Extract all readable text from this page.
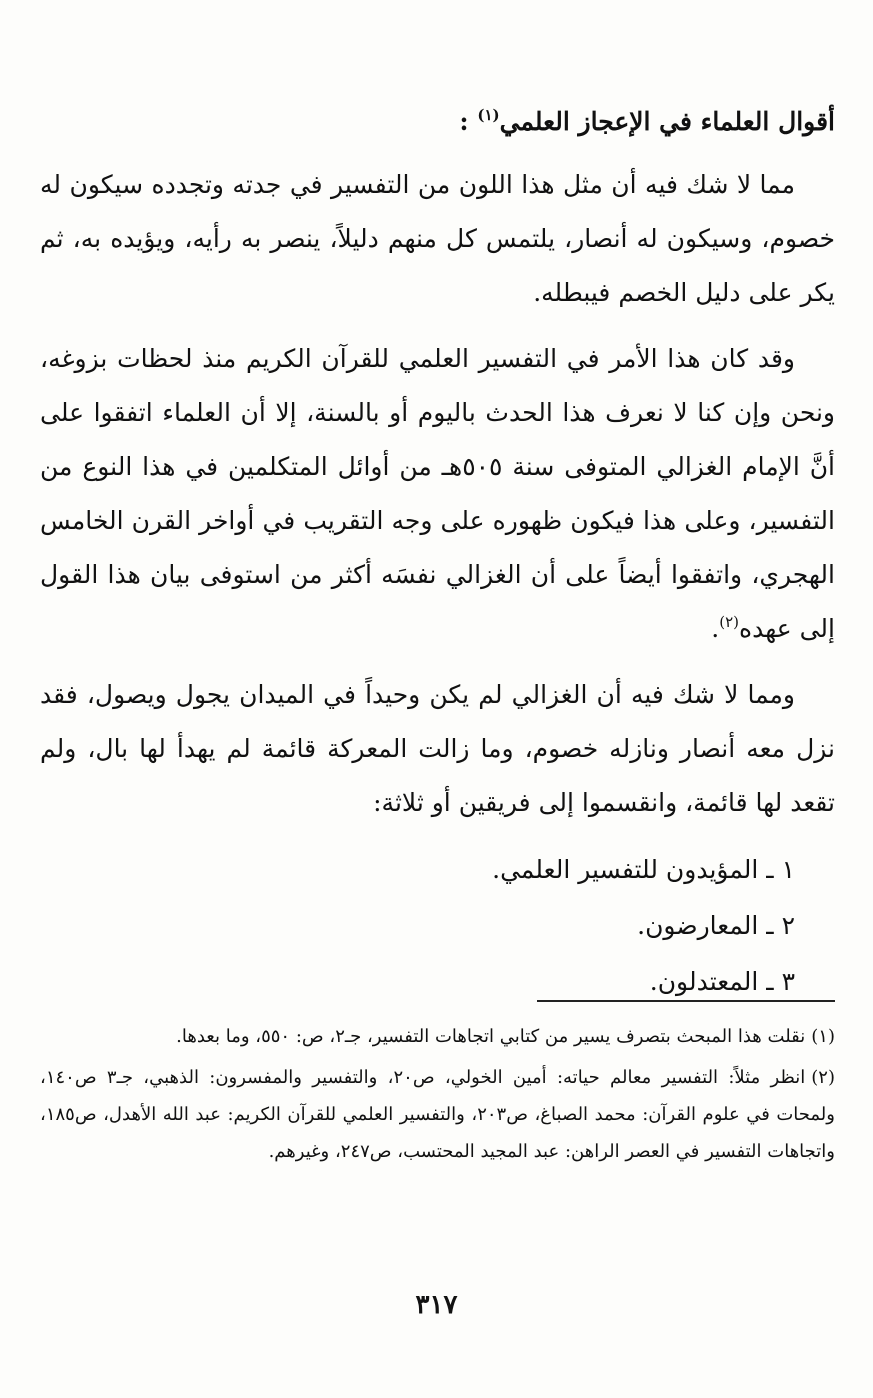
أقوال العلماء في الإعجاز العلمي$^{(١)}$ :

مما لا شك فيه أن مثل هذا اللون من التفسير في جدته وتجدده سيكون له خصوم، وسيكون له أنصار، يلتمس كل منهم دليلاً، ينصر به رأيه، ويؤيده به، ثم يكر على دليل الخصم فيبطله.

وقد كان هذا الأمر في التفسير العلمي للقرآن الكريم منذ لحظات بزوغه، ونحن وإن كنا لا نعرف هذا الحدث باليوم أو بالسنة، إلا أن العلماء اتفقوا على أنَّ الإمام الغزالي المتوفى سنة ٥٠٥هـ من أوائل المتكلمين في هذا النوع من التفسير، وعلى هذا فيكون ظهوره على وجه التقريب في أواخر القرن الخامس الهجري، واتفقوا أيضاً على أن الغزالي نفسَه أكثر من استوفى بيان هذا القول إلى عهده$^{(٢)}$.

ومما لا شك فيه أن الغزالي لم يكن وحيداً في الميدان يجول ويصول، فقد نزل معه أنصار ونازله خصوم، وما زالت المعركة قائمة لم يهدأ لها بال، ولم تقعد لها قائمة، وانقسموا إلى فريقين أو ثلاثة:

١ ـ المؤيدون للتفسير العلمي.
٢ ـ المعارضون.
٣ ـ المعتدلون.

(١)نقلت هذا المبحث بتصرف يسير من كتابي اتجاهات التفسير، جـ٢، ص: ٥٥٠، وما بعدها.

(٢)انظر مثلاً: التفسير معالم حياته: أمين الخولي، ص٢٠، والتفسير والمفسرون: الذهبي، جـ٣ ص١٤٠، ولمحات في علوم القرآن: محمد الصباغ، ص٢٠٣، والتفسير العلمي للقرآن الكريم: عبد الله الأهدل، ص١٨٥، واتجاهات التفسير في العصر الراهن: عبد المجيد المحتسب، ص٢٤٧، وغيرهم.

٣١٧
